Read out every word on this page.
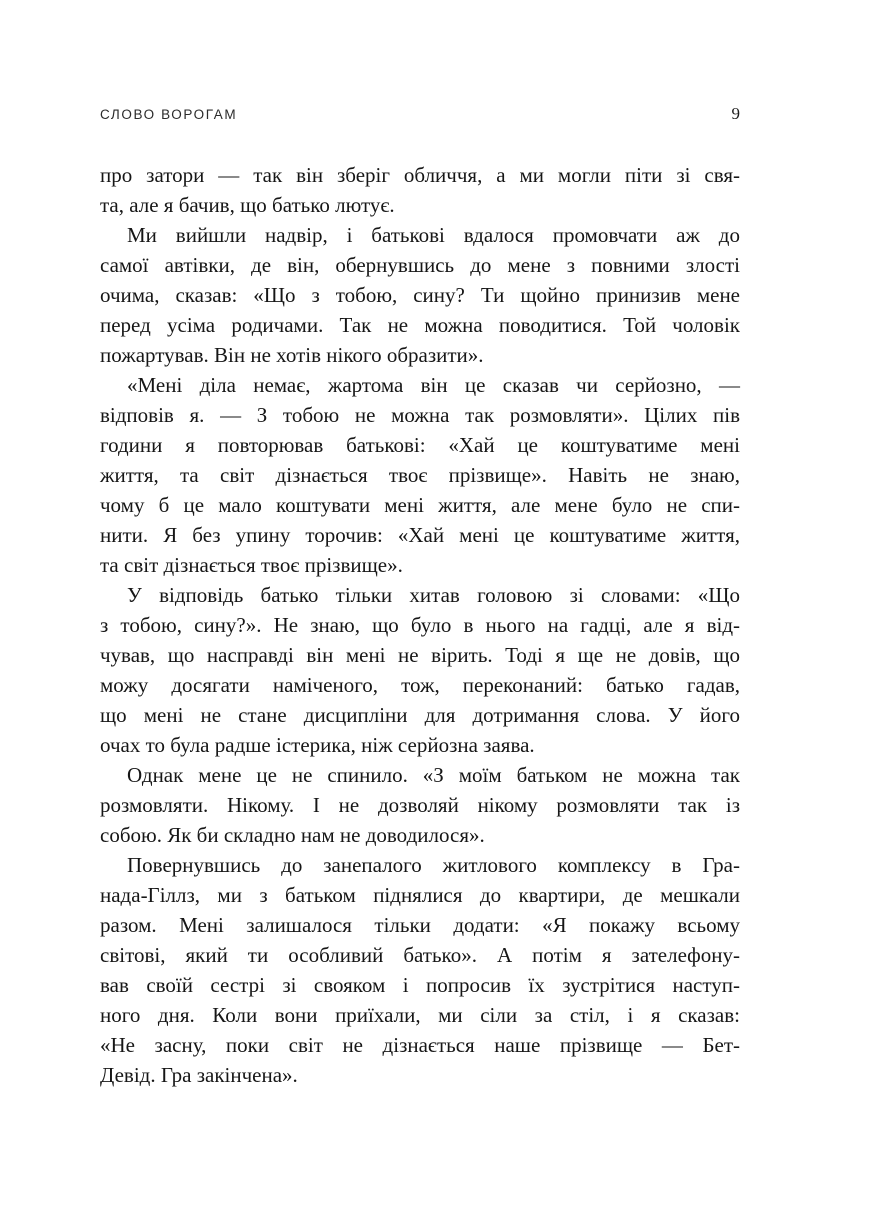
СЛОВО ВОРОГАМ	9
про затори — так він зберіг обличчя, а ми могли піти зі свя-
та, але я бачив, що батько лютує.
Ми вийшли надвір, і батькові вдалося промовчати аж до
самої автівки, де він, обернувшись до мене з повними злості
очима, сказав: «Що з тобою, сину? Ти щойно принизив мене
перед усіма родичами. Так не можна поводитися. Той чоловік
пожартував. Він не хотів нікого образити».
«Мені діла немає, жартома він це сказав чи серйозно, —
відповів я. — З тобою не можна так розмовляти». Цілих пів
години я повторював батькові: «Хай це коштуватиме мені
життя, та світ дізнається твоє прізвище». Навіть не знаю,
чому б це мало коштувати мені життя, але мене було не спи-
нити. Я без упину торочив: «Хай мені це коштуватиме життя,
та світ дізнається твоє прізвище».
У відповідь батько тільки хитав головою зі словами: «Що
з тобою, сину?». Не знаю, що було в нього на гадці, але я від-
чував, що насправді він мені не вірить. Тоді я ще не довів, що
можу досягати наміченого, тож, переконаний: батько гадав,
що мені не стане дисципліни для дотримання слова. У його
очах то була радше істерика, ніж серйозна заява.
Однак мене це не спинило. «З моїм батьком не можна так
розмовляти. Нікому. І не дозволяй нікому розмовляти так із
собою. Як би складно нам не доводилося».
Повернувшись до занепалого житлового комплексу в Гра-
нада-Гіллз, ми з батьком піднялися до квартири, де мешкали
разом. Мені залишалося тільки додати: «Я покажу всьому
світові, який ти особливий батько». А потім я зателефону-
вав своїй сестрі зі свояком і попросив їх зустрітися наступ-
ного дня. Коли вони приїхали, ми сіли за стіл, і я сказав:
«Не засну, поки світ не дізнається наше прізвище — Бет-
Девід. Гра закінчена».
